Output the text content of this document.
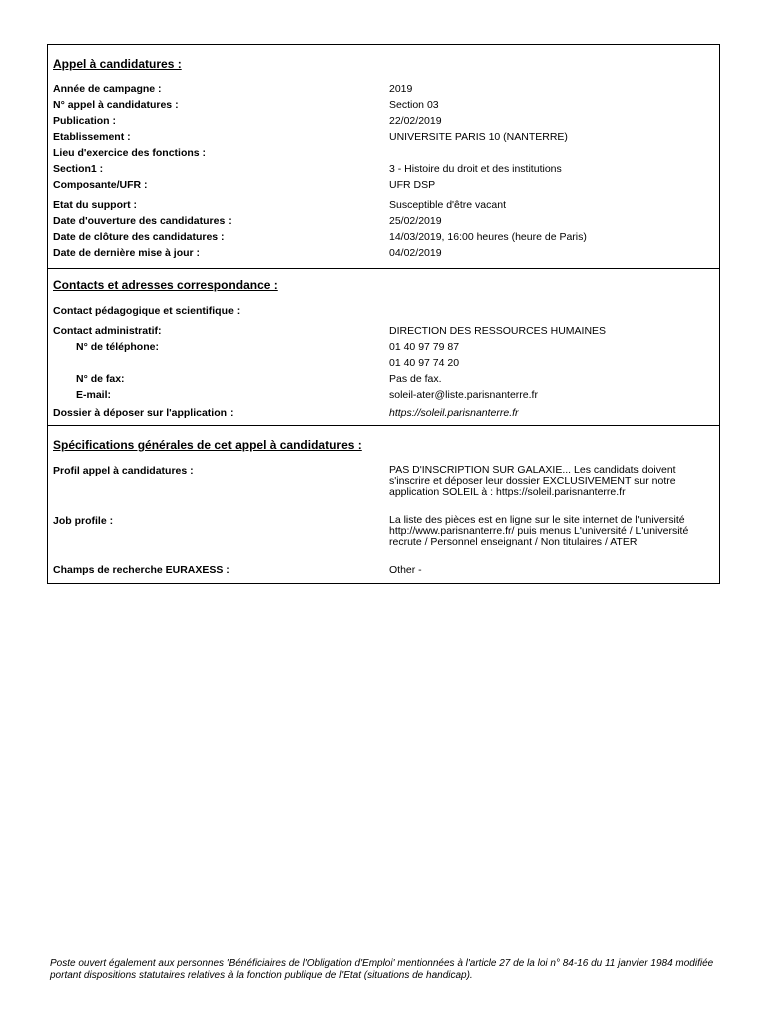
Appel à candidatures :
Année de campagne :	2019
N° appel à candidatures :	Section 03
Publication :	22/02/2019
Etablissement :	UNIVERSITE PARIS 10 (NANTERRE)
Lieu d'exercice des fonctions :
Section1 :	3 - Histoire du droit et des institutions
Composante/UFR :	UFR DSP
Etat du support :	Susceptible d'être vacant
Date d'ouverture des candidatures :	25/02/2019
Date de clôture des candidatures :	14/03/2019, 16:00 heures (heure de Paris)
Date de dernière mise à jour :	04/02/2019
Contacts et adresses correspondance :
Contact pédagogique et scientifique :
Contact administratif:	DIRECTION DES RESSOURCES HUMAINES
N° de téléphone:	01 40 97 79 87
01 40 97 74 20
N° de fax:	Pas de fax.
E-mail:	soleil-ater@liste.parisnanterre.fr
Dossier à déposer sur l'application :	https://soleil.parisnanterre.fr
Spécifications générales de cet appel à candidatures :
Profil appel à candidatures :	PAS D'INSCRIPTION SUR GALAXIE... Les candidats doivent s'inscrire et déposer leur dossier EXCLUSIVEMENT sur notre application SOLEIL à : https://soleil.parisnanterre.fr
Job profile :	La liste des pièces est en ligne sur le site internet de l'université http://www.parisnanterre.fr/ puis menus L'université / L'université recrute / Personnel enseignant / Non titulaires / ATER
Champs de recherche EURAXESS :	Other -
Poste ouvert également aux personnes 'Bénéficiaires de l'Obligation d'Emploi' mentionnées à l'article 27 de la loi n° 84-16 du 11 janvier 1984 modifiée portant dispositions statutaires relatives à la fonction publique de l'Etat (situations de handicap).
